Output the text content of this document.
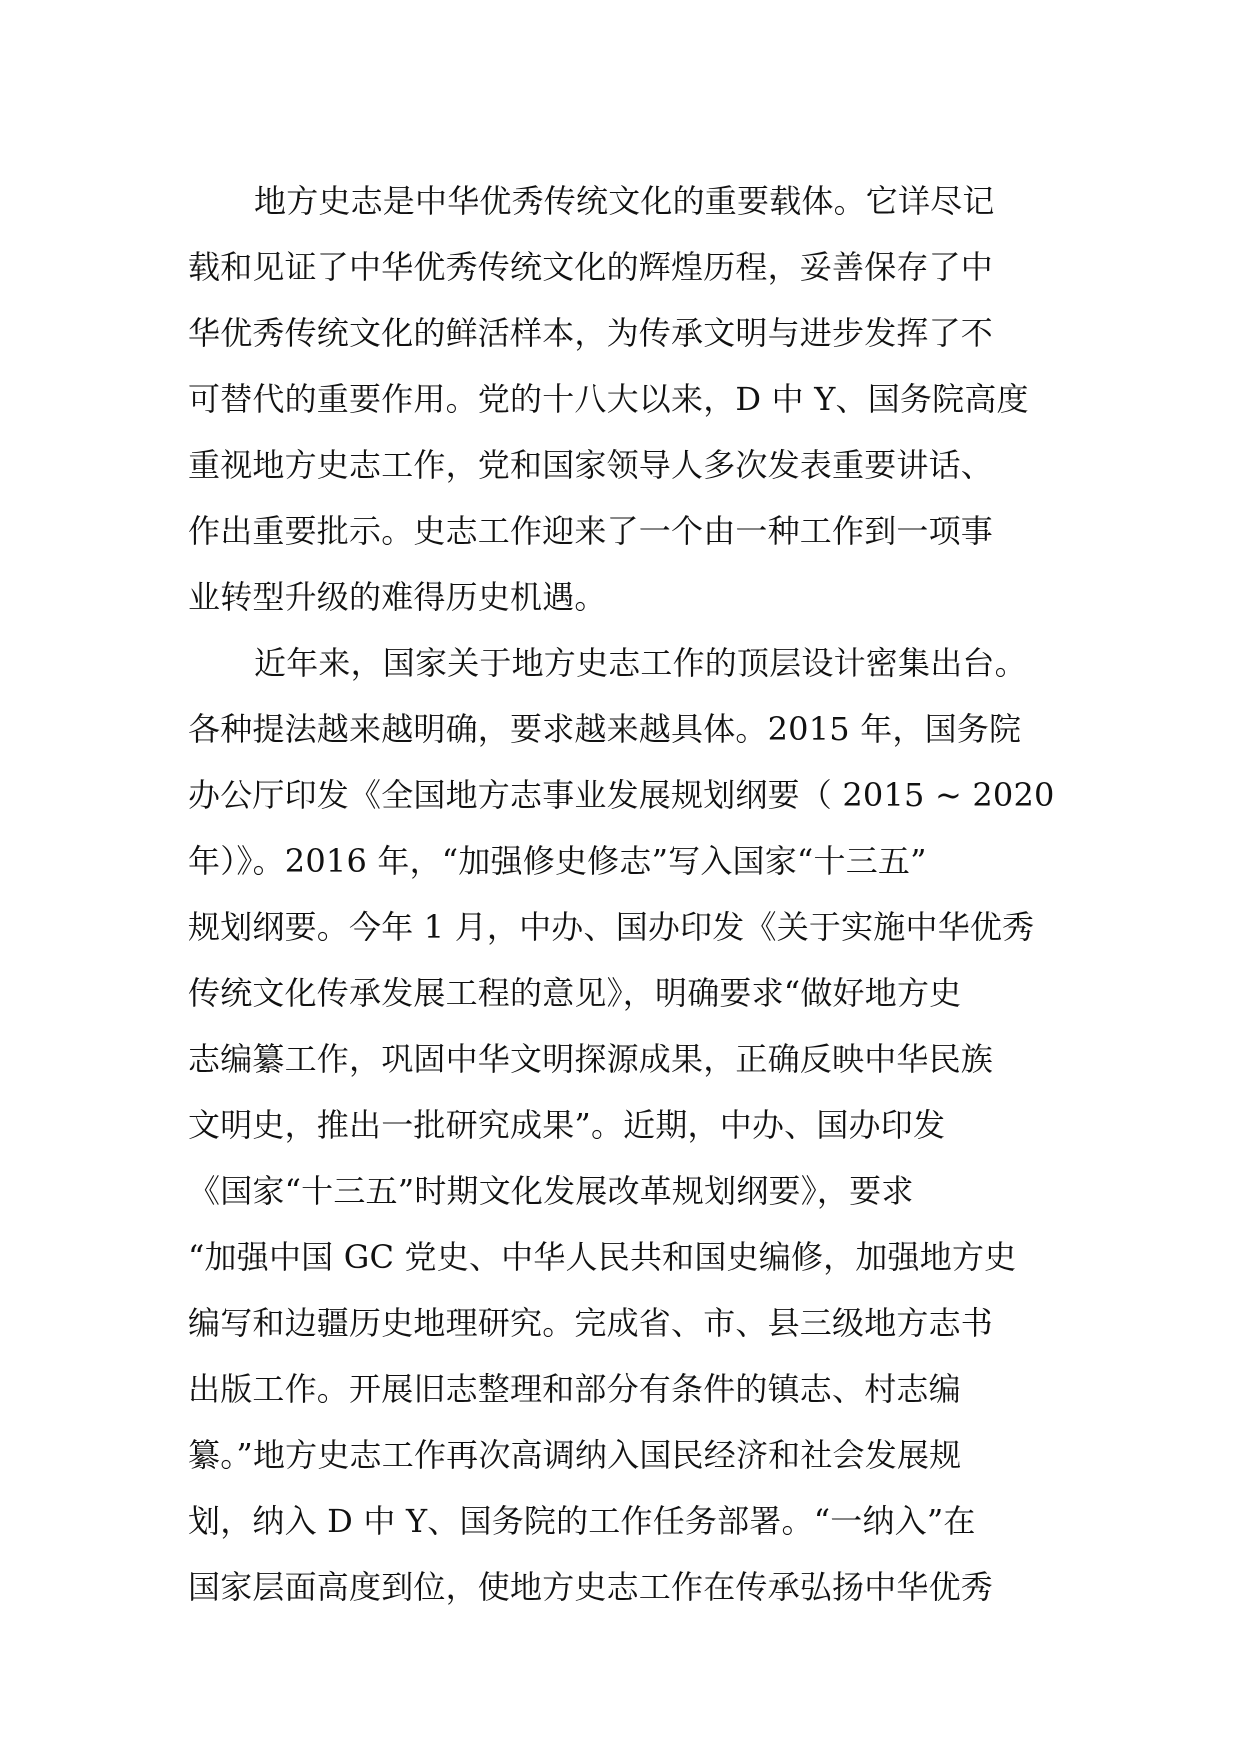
地方史志是中华优秀传统文化的重要载体。它详尽记
载和见证了中华优秀传统文化的辉煌历程，妥善保存了中
华优秀传统文化的鲜活样本，为传承文明与进步发挥了不
可替代的重要作用。党的十八大以来，D 中 Y、国务院高度
重视地方史志工作，党和国家领导人多次发表重要讲话、
作出重要批示。史志工作迎来了一个由一种工作到一项事
业转型升级的难得历史机遇。
近年来，国家关于地方史志工作的顶层设计密集出台。
各种提法越来越明确，要求越来越具体。2015 年，国务院
办公厅印发《全国地方志事业发展规划纲要（ 2015 ~ 2020
年）》。2016 年，“加强修史修志”写入国家“十三五”
规划纲要。今年 1 月，中办、国办印发《关于实施中华优秀
传统文化传承发展工程的意见》，明确要求“做好地方史
志编纂工作，巩固中华文明探源成果，正确反映中华民族
文明史，推出一批研究成果”。近期，中办、国办印发
《国家“十三五”时期文化发展改革规划纲要》，要求
“加强中国 GC 党史、中华人民共和国史编修，加强地方史
编写和边疆历史地理研究。完成省、市、县三级地方志书
出版工作。开展旧志整理和部分有条件的镇志、村志编
纂。”地方史志工作再次高调纳入国民经济和社会发展规
划，纳入 D 中 Y、国务院的工作任务部署。“一纳入”在
国家层面高度到位，使地方史志工作在传承弘扬中华优秀
